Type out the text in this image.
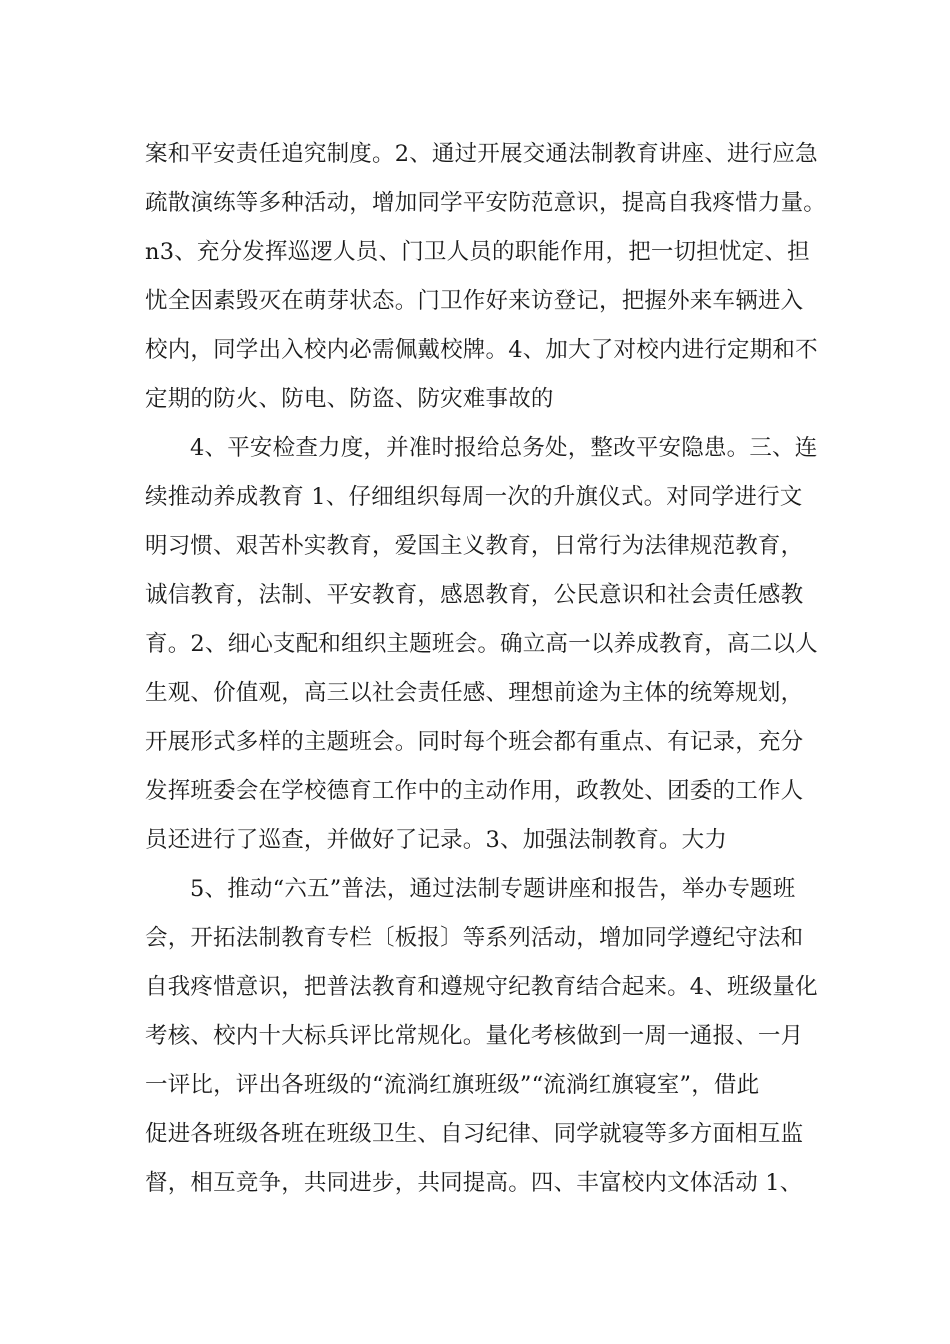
案和平安责任追究制度。2、通过开展交通法制教育讲座、进行应急
疏散演练等多种活动，增加同学平安防范意识，提高自我疼惜力量。
n3、充分发挥巡逻人员、门卫人员的职能作用，把一切担忧定、担
忧全因素毁灭在萌芽状态。门卫作好来访登记，把握外来车辆进入
校内，同学出入校内必需佩戴校牌。4、加大了对校内进行定期和不
定期的防火、防电、防盗、防灾难事故的
4、平安检查力度，并准时报给总务处，整改平安隐患。三、连
续推动养成教育 1、仔细组织每周一次的升旗仪式。对同学进行文
明习惯、艰苦朴实教育，爱国主义教育，日常行为法律规范教育，
诚信教育，法制、平安教育，感恩教育，公民意识和社会责任感教
育。2、细心支配和组织主题班会。确立高一以养成教育，高二以人
生观、价值观，高三以社会责任感、理想前途为主体的统筹规划，
开展形式多样的主题班会。同时每个班会都有重点、有记录，充分
发挥班委会在学校德育工作中的主动作用，政教处、团委的工作人
员还进行了巡查，并做好了记录。3、加强法制教育。大力
5、推动“六五”普法，通过法制专题讲座和报告，举办专题班
会，开拓法制教育专栏〔板报〕等系列活动，增加同学遵纪守法和
自我疼惜意识，把普法教育和遵规守纪教育结合起来。4、班级量化
考核、校内十大标兵评比常规化。量化考核做到一周一通报、一月
一评比，评出各班级的“流淌红旗班级”“流淌红旗寝室”，借此
促进各班级各班在班级卫生、自习纪律、同学就寝等多方面相互监
督，相互竞争，共同进步，共同提高。四、丰富校内文体活动 1、
